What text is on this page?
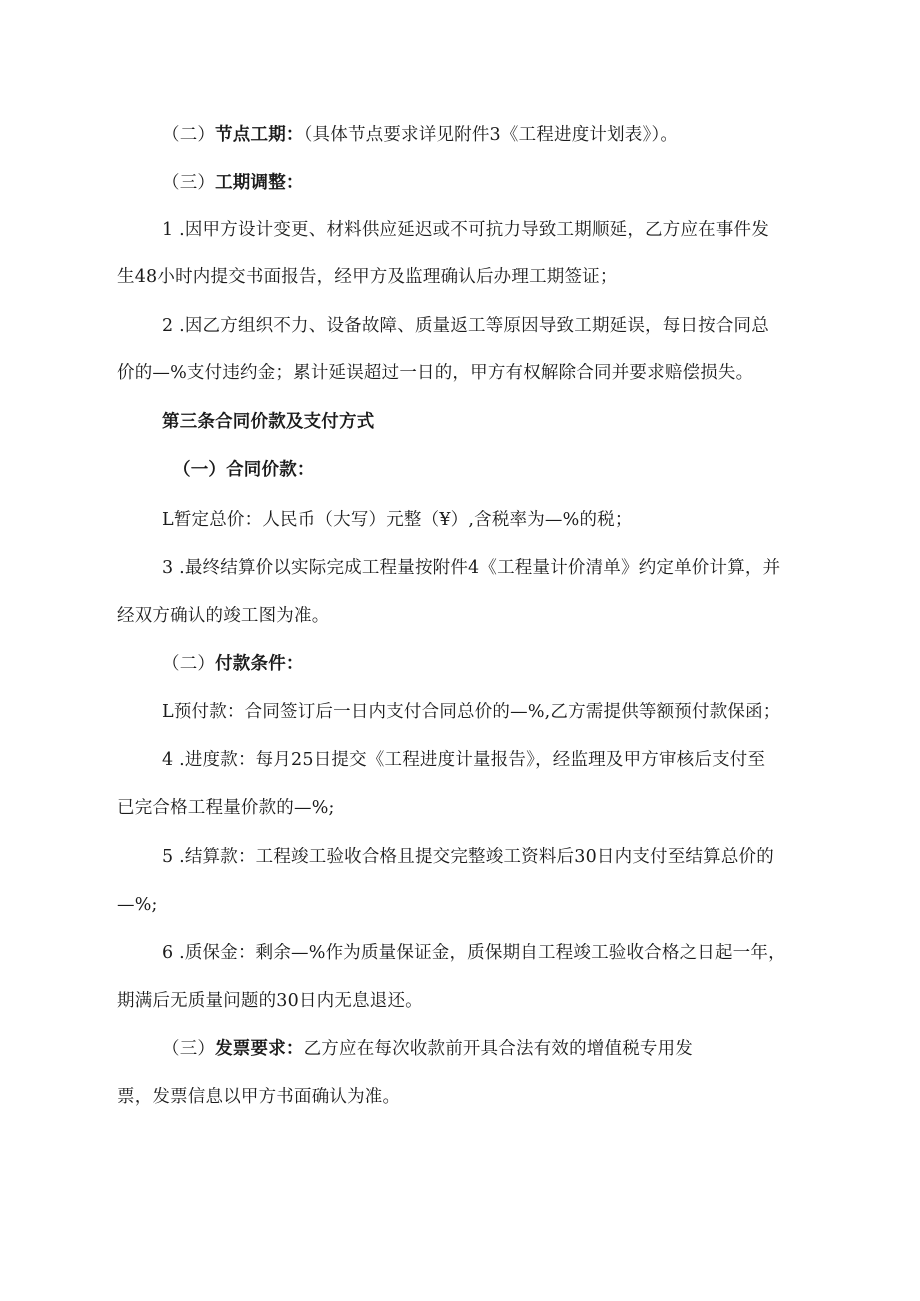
（二）节点工期：（具体节点要求详见附件3《工程进度计划表》）。
（三）工期调整：
1 .因甲方设计变更、材料供应延迟或不可抗力导致工期顺延，乙方应在事件发
生48小时内提交书面报告，经甲方及监理确认后办理工期签证；
2 .因乙方组织不力、设备故障、质量返工等原因导致工期延误，每日按合同总
价的—%支付违约金；累计延误超过一日的，甲方有权解除合同并要求赔偿损失。
第三条合同价款及支付方式
（一）合同价款：
L暂定总价：人民币（大写）元整（¥）,含税率为—%的税；
3 .最终结算价以实际完成工程量按附件4《工程量计价清单》约定单价计算，并
经双方确认的竣工图为准。
（二）付款条件：
L预付款：合同签订后一日内支付合同总价的—%,乙方需提供等额预付款保函；
4 .进度款：每月25日提交《工程进度计量报告》，经监理及甲方审核后支付至
已完合格工程量价款的—%;
5 .结算款：工程竣工验收合格且提交完整竣工资料后30日内支付至结算总价的
—%;
6 .质保金：剩余—%作为质量保证金，质保期自工程竣工验收合格之日起一年，
期满后无质量问题的30日内无息退还。
（三）发票要求：乙方应在每次收款前开具合法有效的增值税专用发
票，发票信息以甲方书面确认为准。
